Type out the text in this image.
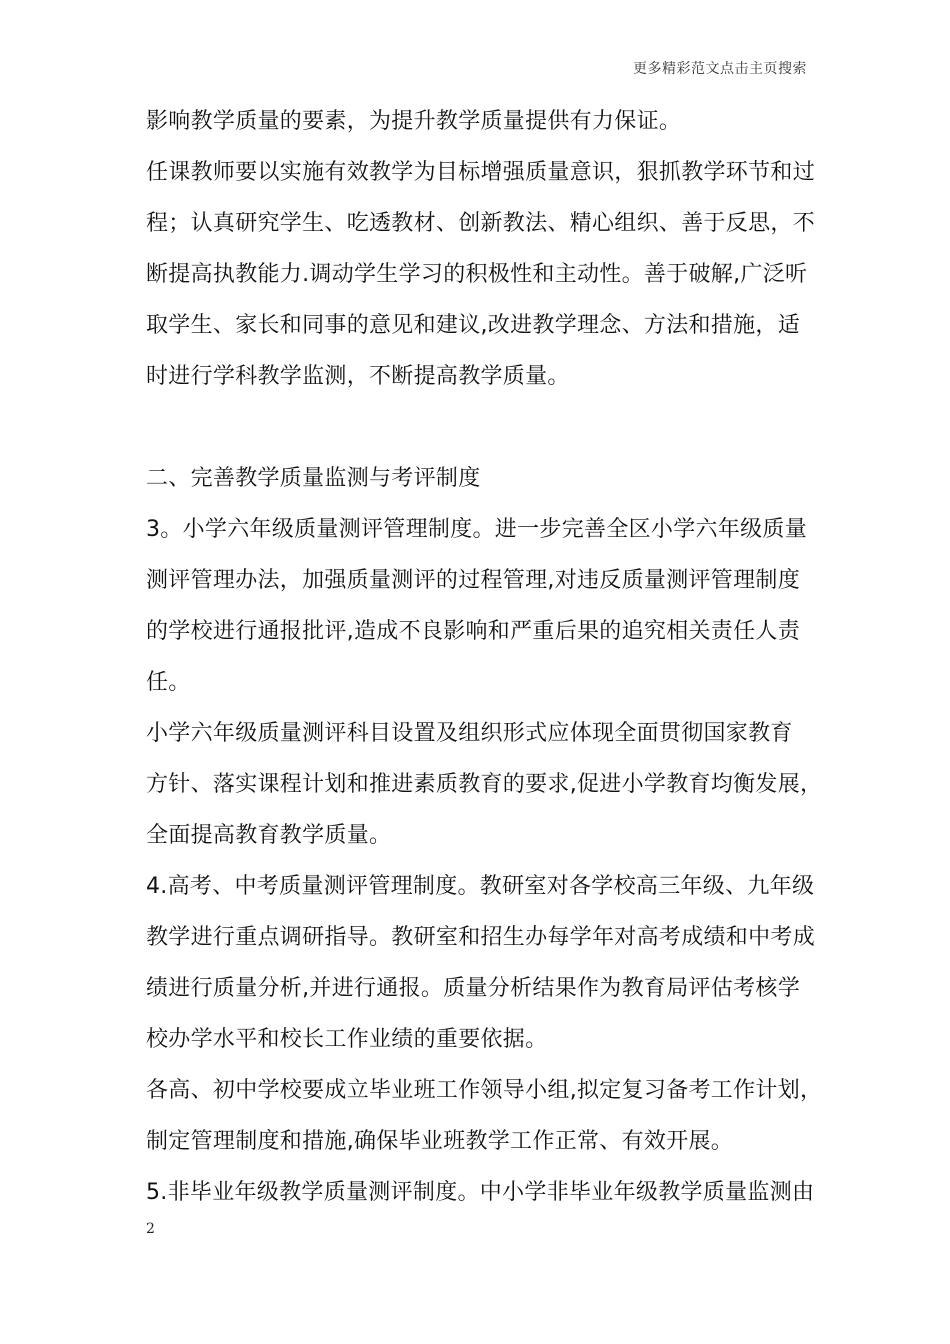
更多精彩范文点击主页搜索
影响教学质量的要素，为提升教学质量提供有力保证。
任课教师要以实施有效教学为目标增强质量意识，狠抓教学环节和过
程；认真研究学生、吃透教材、创新教法、精心组织、善于反思，不
断提高执教能力.调动学生学习的积极性和主动性。善于破解,广泛听
取学生、家长和同事的意见和建议,改进教学理念、方法和措施，适
时进行学科教学监测，不断提高教学质量。
二、完善教学质量监测与考评制度
3。小学六年级质量测评管理制度。进一步完善全区小学六年级质量
测评管理办法，加强质量测评的过程管理,对违反质量测评管理制度
的学校进行通报批评,造成不良影响和严重后果的追究相关责任人责
任。
小学六年级质量测评科目设置及组织形式应体现全面贯彻国家教育
方针、落实课程计划和推进素质教育的要求,促进小学教育均衡发展，
全面提高教育教学质量。
4.高考、中考质量测评管理制度。教研室对各学校高三年级、九年级
教学进行重点调研指导。教研室和招生办每学年对高考成绩和中考成
绩进行质量分析,并进行通报。质量分析结果作为教育局评估考核学
校办学水平和校长工作业绩的重要依据。
各高、初中学校要成立毕业班工作领导小组,拟定复习备考工作计划，
制定管理制度和措施,确保毕业班教学工作正常、有效开展。
5.非毕业年级教学质量测评制度。中小学非毕业年级教学质量监测由
2
